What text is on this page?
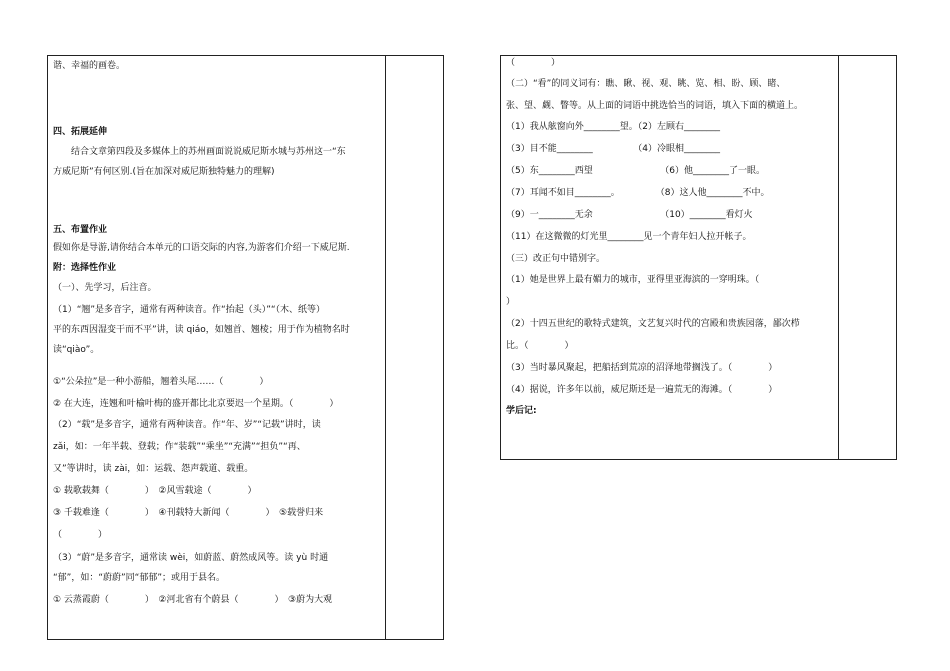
谐、幸福的画卷。
四、拓展延伸
　　结合文章第四段及多媒体上的苏州画面说说威尼斯水城与苏州这一“东
方威尼斯”有何区别.(旨在加深对威尼斯独特魅力的理解)
五、布置作业
假如你是导游,请你结合本单元的口语交际的内容,为游客们介绍一下威尼斯.
附：选择性作业
（一）、先学习，后注音。
（1）“翘”是多音字，通常有两种读音。作“抬起（头）”“（木、纸等）
平的东西因湿变干而不平”讲，读 qiáo，如翘首、翘棱；用于作为植物名时
读“qiào”。
①“公朵拉”是一种小游船，翘着头尾……（　　　　）
② 在大连，连翘和叶榆叶梅的盛开都比北京要迟一个星期。（　　　　）
（2）“载”是多音字，通常有两种读音。作“年、岁”“记载”讲时，读
zǎi，如：一年半载、登载；作“装载”“乘坐”“充满”“担负”“再、
又”等讲时，读 zài，如：运载、怨声载道、载重。
① 载歌载舞（　　　　）　②风雪载途（　　　　）
③ 千载难逢（　　　　）　④刊载特大新闻（　　　　）　⑤载誉归来
（　　　　）
（3）“蔚”是多音字，通常读 wèi，如蔚蓝、蔚然成风等。读 yù 时通
“郁”，如：“蔚蔚”同“郁郁”；或用于县名。
① 云蒸霞蔚（　　　　）　②河北省有个蔚县（　　　　）　③蔚为大观
（　　　　）
（二）“看”的同义词有：瞧、瞅、视、观、眺、览、相、盼、顾、睹、
张、望、觑、瞥等。从上面的词语中挑选恰当的词语，填入下面的横道上。
（1）我从舷窗向外________望。（2）左顾右________
（3）目不能________　　　　　（4）冷眼相________
（5）东________西望　　　　　　　　（6）他________了一眼。
（7）耳闻不如目________。　　　　　（8）这人他________不中。
（9）一________无余　　　　　　　　（10）________看灯火
（11）在这微微的灯光里________见一个青年妇人拉开帐子。
（三）改正句中错别字。
（1）她是世界上最有媚力的城市，亚得里亚海滨的一穿明珠。（
）
（2）十四五世纪的歌特式建筑，文艺复兴时代的宫殿和贵族园落，鄙次栉
比。（　　　　）
（3）当时暴风聚起，把船括到荒凉的沼泽地带搁浅了。（　　　　）
（4）据说，许多年以前，威尼斯还是一遍荒无的海滩。（　　　　）
学后记:
